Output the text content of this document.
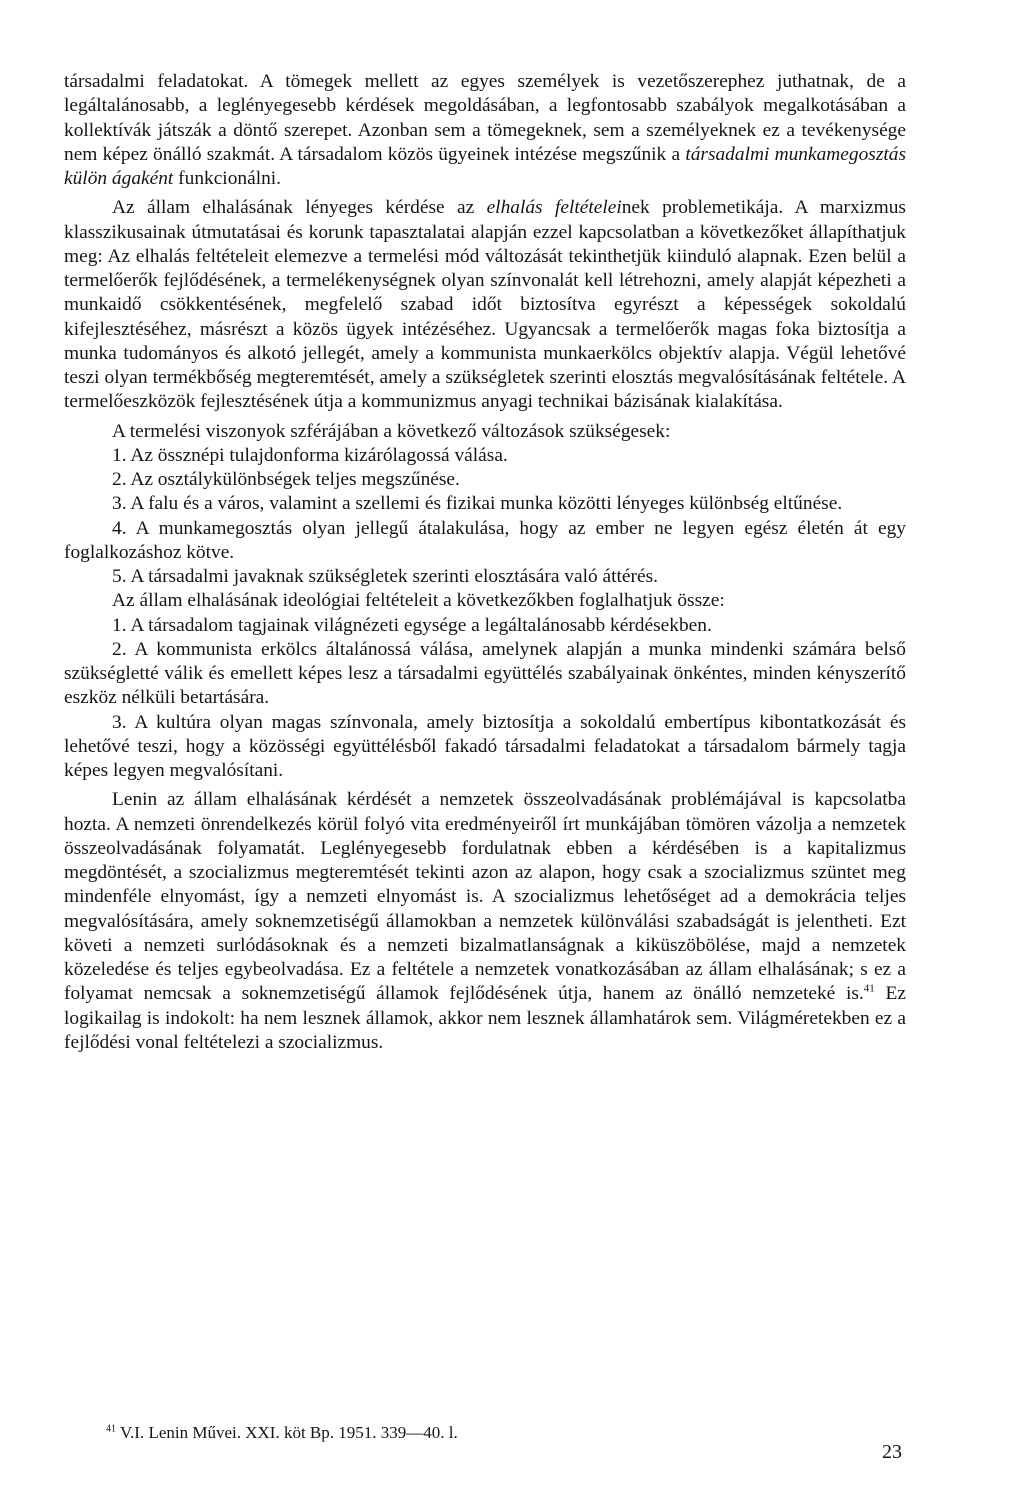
társadalmi feladatokat. A tömegek mellett az egyes személyek is vezetőszerephez juthatnak, de a legáltalánosabb, a leglényegesebb kérdések megoldásában, a legfontosabb szabályok megalkotásában a kollektívák játszák a döntő szerepet. Azonban sem a tömegeknek, sem a személyeknek ez a tevékenysége nem képez önálló szakmát. A társadalom közös ügyeinek intézése megszűnik a társadalmi munkamegosztás külön ágaként funkcionálni.

Az állam elhalásának lényeges kérdése az elhalás feltételeinek problemetikája. A marxizmus klasszikusainak útmutatásai és korunk tapasztalatai alapján ezzel kapcsolatban a következőket állapíthatjuk meg: Az elhalás feltételeit elemezve a termelési mód változását tekinthetjük kiinduló alapnak. Ezen belül a termelőerők fejlődésének, a termelékenységnek olyan színvonalát kell létrehozni, amely alapját képezheti a munkaidő csökkentésének, megfelelő szabad időt biztosítva egyrészt a képességek sokoldalú kifejlesztéséhez, másrészt a közös ügyek intézéséhez. Ugyancsak a termelőerők magas foka biztosítja a munka tudományos és alkotó jellegét, amely a kommunista munkaerkölcs objektív alapja. Végül lehetővé teszi olyan termékbőség megteremtését, amely a szükségletek szerinti elosztás megvalósításának feltétele. A termelőeszközök fejlesztésének útja a kommunizmus anyagi technikai bázisának kialakítása.

A termelési viszonyok szférájában a következő változások szükségesek:

1. Az össznépi tulajdonforma kizárólagossá válása.

2. Az osztálykülönbségek teljes megszűnése.

3. A falu és a város, valamint a szellemi és fizikai munka közötti lényeges különbség eltűnése.

4. A munkamegosztás olyan jellegű átalakulása, hogy az ember ne legyen egész életén át egy foglalkozáshoz kötve.

5. A társadalmi javaknak szükségletek szerinti elosztására való áttérés.

Az állam elhalásának ideológiai feltételeit a következőkben foglalhatjuk össze:

1. A társadalom tagjainak világnézeti egysége a legáltalánosabb kérdésekben.

2. A kommunista erkölcs általánossá válása, amelynek alapján a munka mindenki számára belső szükségletté válik és emellett képes lesz a társadalmi együttélés szabályainak önkéntes, minden kényszerítő eszköz nélküli betartására.

3. A kultúra olyan magas színvonala, amely biztosítja a sokoldalú embertípus kibontatkozását és lehetővé teszi, hogy a közösségi együttélésből fakadó társadalmi feladatokat a társadalom bármely tagja képes legyen megvalósítani.

Lenin az állam elhalásának kérdését a nemzetek összeolvadásának problémájával is kapcsolatba hozta. A nemzeti önrendelkezés körül folyó vita eredményeiről írt munkájában tömören vázolja a nemzetek összeolvadásának folyamatát. Leglényegesebb fordulatnak ebben a kérdésében is a kapitalizmus megdöntését, a szocializmus megteremtését tekinti azon az alapon, hogy csak a szocializmus szüntet meg mindenféle elnyomást, így a nemzeti elnyomást is. A szocializmus lehetőséget ad a demokrácia teljes megvalósítására, amely soknemzetiségű államokban a nemzetek különválási szabadságát is jelentheti. Ezt követi a nemzeti surlódásoknak és a nemzeti bizalmatlanságnak a kiküszöbölése, majd a nemzetek közeledése és teljes egybeolvadása. Ez a feltétele a nemzetek vonatkozásában az állam elhalásának; s ez a folyamat nemcsak a soknemzetiségű államok fejlődésének útja, hanem az önálló nemzeteké is.$^{41}$ Ez logikailag is indokolt: ha nem lesznek államok, akkor nem lesznek államhatárok sem. Világméretekben ez a fejlődési vonal feltételezi a szocializmus.

$^{41}$ V.I. Lenin Művei. XXI. köt Bp. 1951. 339—40. l.
23
